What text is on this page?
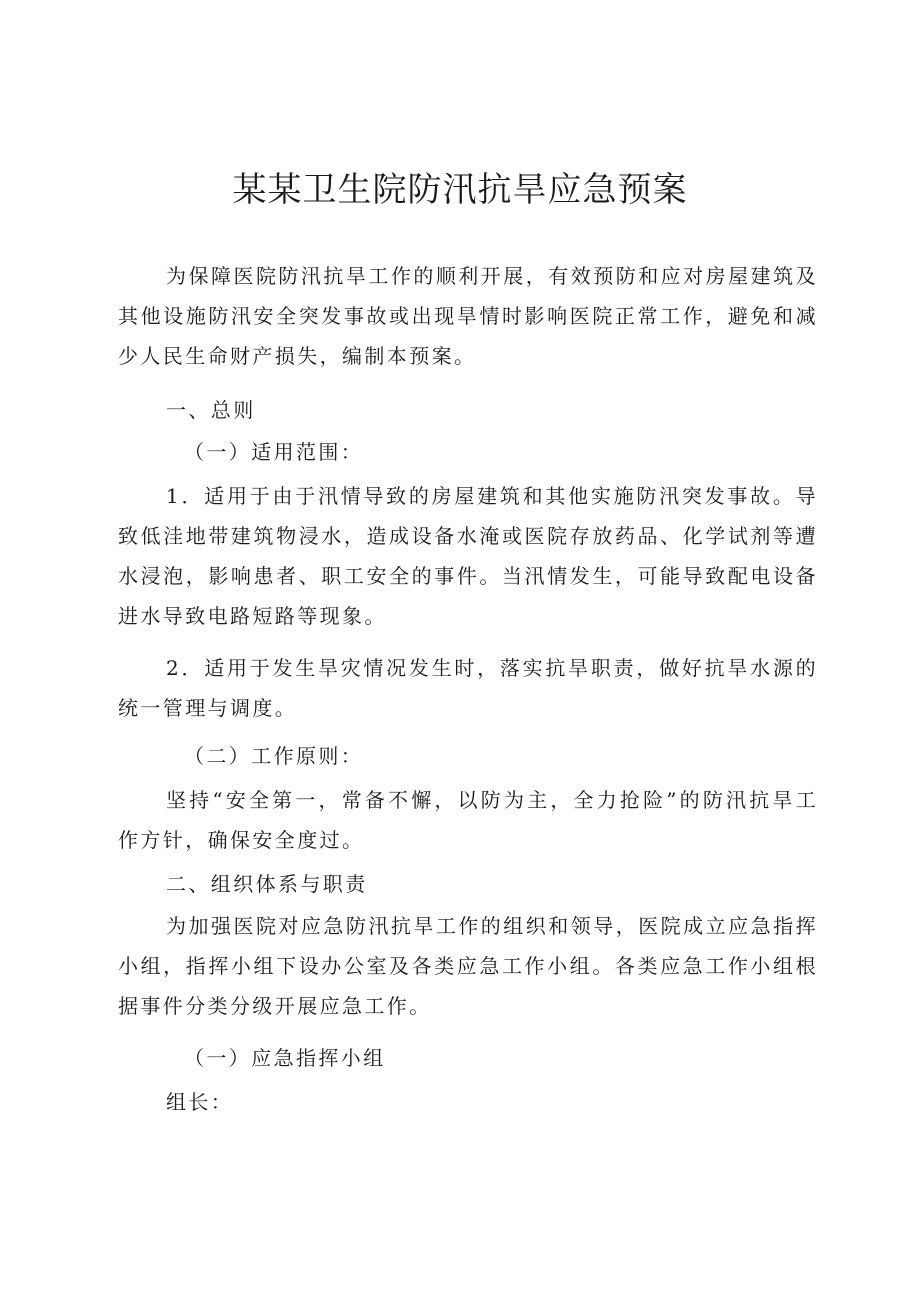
某某卫生院防汛抗旱应急预案

为保障医院防汛抗旱工作的顺利开展，有效预防和应对房屋建筑及其他设施防汛安全突发事故或出现旱情时影响医院正常工作，避免和减少人民生命财产损失，编制本预案。

一、总则

（一）适用范围：

1．适用于由于汛情导致的房屋建筑和其他实施防汛突发事故。导致低洼地带建筑物浸水，造成设备水淹或医院存放药品、化学试剂等遭水浸泡，影响患者、职工安全的事件。当汛情发生，可能导致配电设备进水导致电路短路等现象。

2．适用于发生旱灾情况发生时，落实抗旱职责，做好抗旱水源的统一管理与调度。

（二）工作原则：

坚持“安全第一，常备不懈，以防为主，全力抢险”的防汛抗旱工作方针，确保安全度过。

二、组织体系与职责

为加强医院对应急防汛抗旱工作的组织和领导，医院成立应急指挥小组，指挥小组下设办公室及各类应急工作小组。各类应急工作小组根据事件分类分级开展应急工作。

（一）应急指挥小组

组长：
